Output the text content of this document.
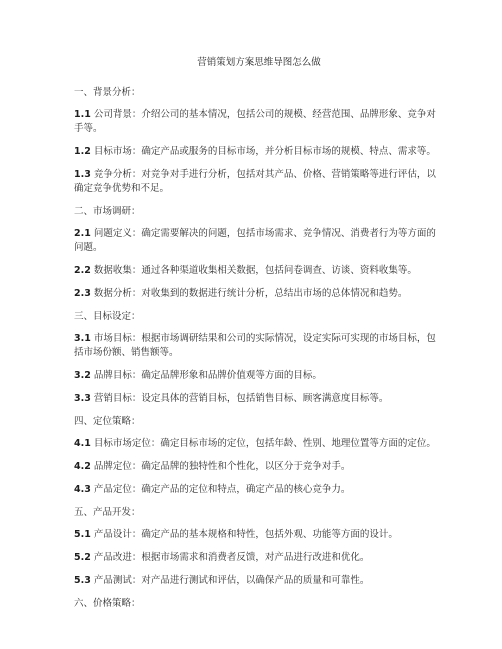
营销策划方案思维导图怎么做
一、背景分析：
1.1 公司背景：介绍公司的基本情况，包括公司的规模、经营范围、品牌形象、竞争对手等。
1.2 目标市场：确定产品或服务的目标市场，并分析目标市场的规模、特点、需求等。
1.3 竞争分析：对竞争对手进行分析，包括对其产品、价格、营销策略等进行评估，以确定竞争优势和不足。
二、市场调研：
2.1 问题定义：确定需要解决的问题，包括市场需求、竞争情况、消费者行为等方面的问题。
2.2 数据收集：通过各种渠道收集相关数据，包括问卷调查、访谈、资料收集等。
2.3 数据分析：对收集到的数据进行统计分析，总结出市场的总体情况和趋势。
三、目标设定：
3.1 市场目标：根据市场调研结果和公司的实际情况，设定实际可实现的市场目标，包括市场份额、销售额等。
3.2 品牌目标：确定品牌形象和品牌价值观等方面的目标。
3.3 营销目标：设定具体的营销目标，包括销售目标、顾客满意度目标等。
四、定位策略：
4.1 目标市场定位：确定目标市场的定位，包括年龄、性别、地理位置等方面的定位。
4.2 品牌定位：确定品牌的独特性和个性化，以区分于竞争对手。
4.3 产品定位：确定产品的定位和特点，确定产品的核心竞争力。
五、产品开发：
5.1 产品设计：确定产品的基本规格和特性，包括外观、功能等方面的设计。
5.2 产品改进：根据市场需求和消费者反馈，对产品进行改进和优化。
5.3 产品测试：对产品进行测试和评估，以确保产品的质量和可靠性。
六、价格策略：
